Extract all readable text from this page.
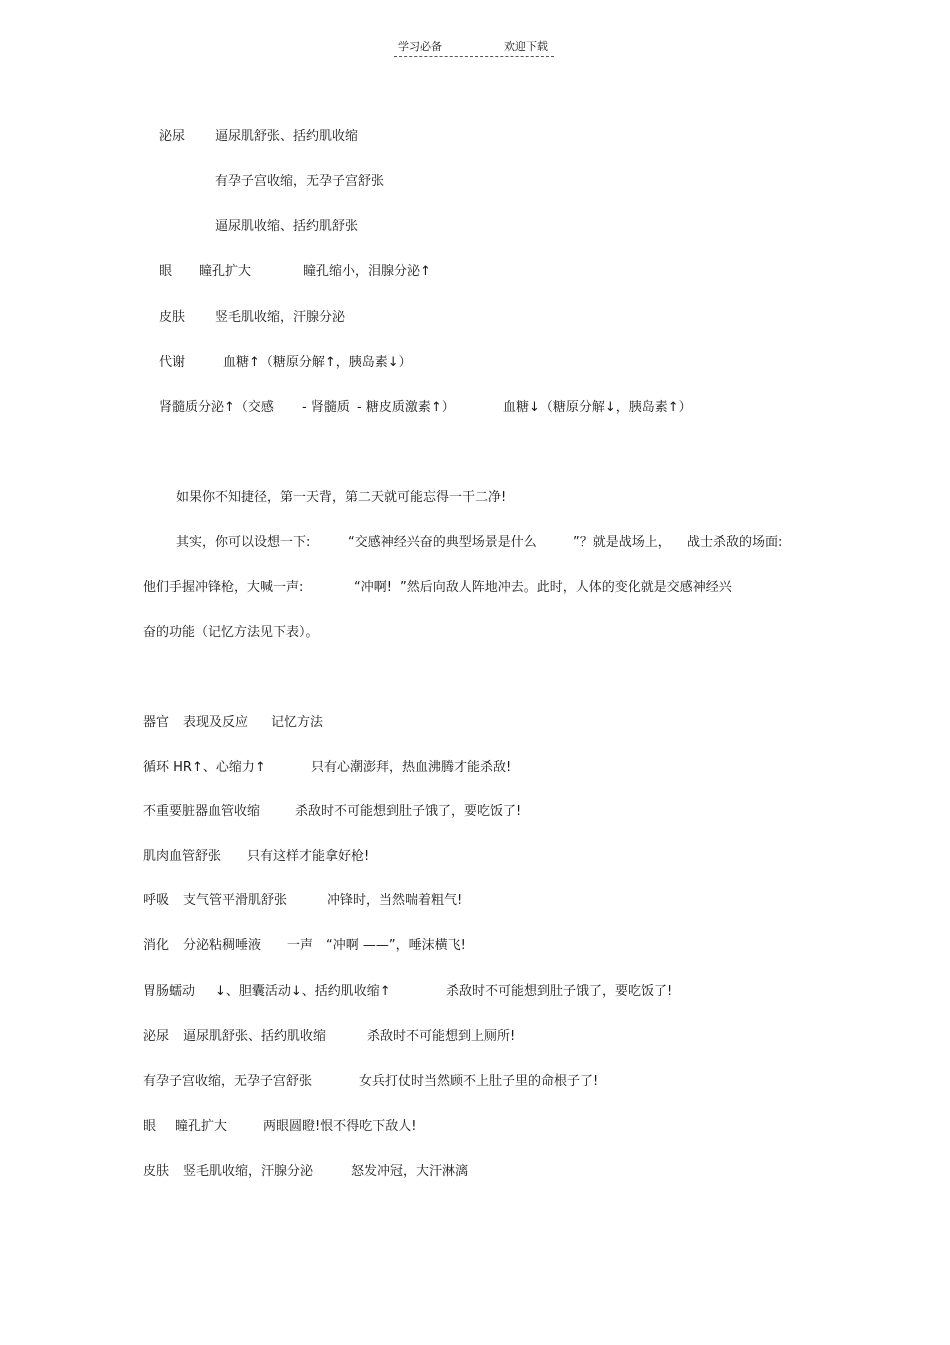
学习必备	欢迎下载
泌尿 逼尿肌舒张、括约肌收缩
有孕子宫收缩，无孕子宫舒张
逼尿肌收缩、括约肌舒张
眼 瞳孔扩大	瞳孔缩小，泪腺分泌↑
皮肤 竖毛肌收缩，汗腺分泌
代谢	血糖↑（糖原分解↑，胰岛素↓）
肾髓质分泌↑（交感 - 肾髓质 - 糖皮质激素↑）	血糖↓（糖原分解↓，胰岛素↑）
如果你不知捷径，第一天背，第二天就可能忘得一干二净!
其实，你可以设想一下:	“交感神经兴奋的典型场景是什么	”？就是战场上， 战士杀敌的场面:
他们手握冲锋枪，大喊一声:	“冲啊! ”然后向敌人阵地冲去。此时，人体的变化就是交感神经兴
奋的功能（记忆方法见下表）。
器官 表现及反应 记忆方法
循环 HR↑、心缩力↑	只有心潮澎拜，热血沸腾才能杀敌!
不重要脏器血管收缩	杀敌时不可能想到肚子饿了，要吃饭了!
肌肉血管舒张 只有这样才能拿好枪!
呼吸 支气管平滑肌舒张	冲锋时，当然喘着粗气!
消化 分泌粘稠唾液 一声 “冲啊 ——”，唾沫横飞!
胃肠蠕动 ↓、胆囊活动↓、括约肌收缩↑	杀敌时不可能想到肚子饿了，要吃饭了!
泌尿 逼尿肌舒张、括约肌收缩	杀敌时不可能想到上厕所!
有孕子宫收缩，无孕子宫舒张	女兵打仗时当然顾不上肚子里的命根子了!
眼 瞳孔扩大	两眼圆瞪!恨不得吃下敌人!
皮肤 竖毛肌收缩，汗腺分泌	怒发冲冠，大汗淋漓
